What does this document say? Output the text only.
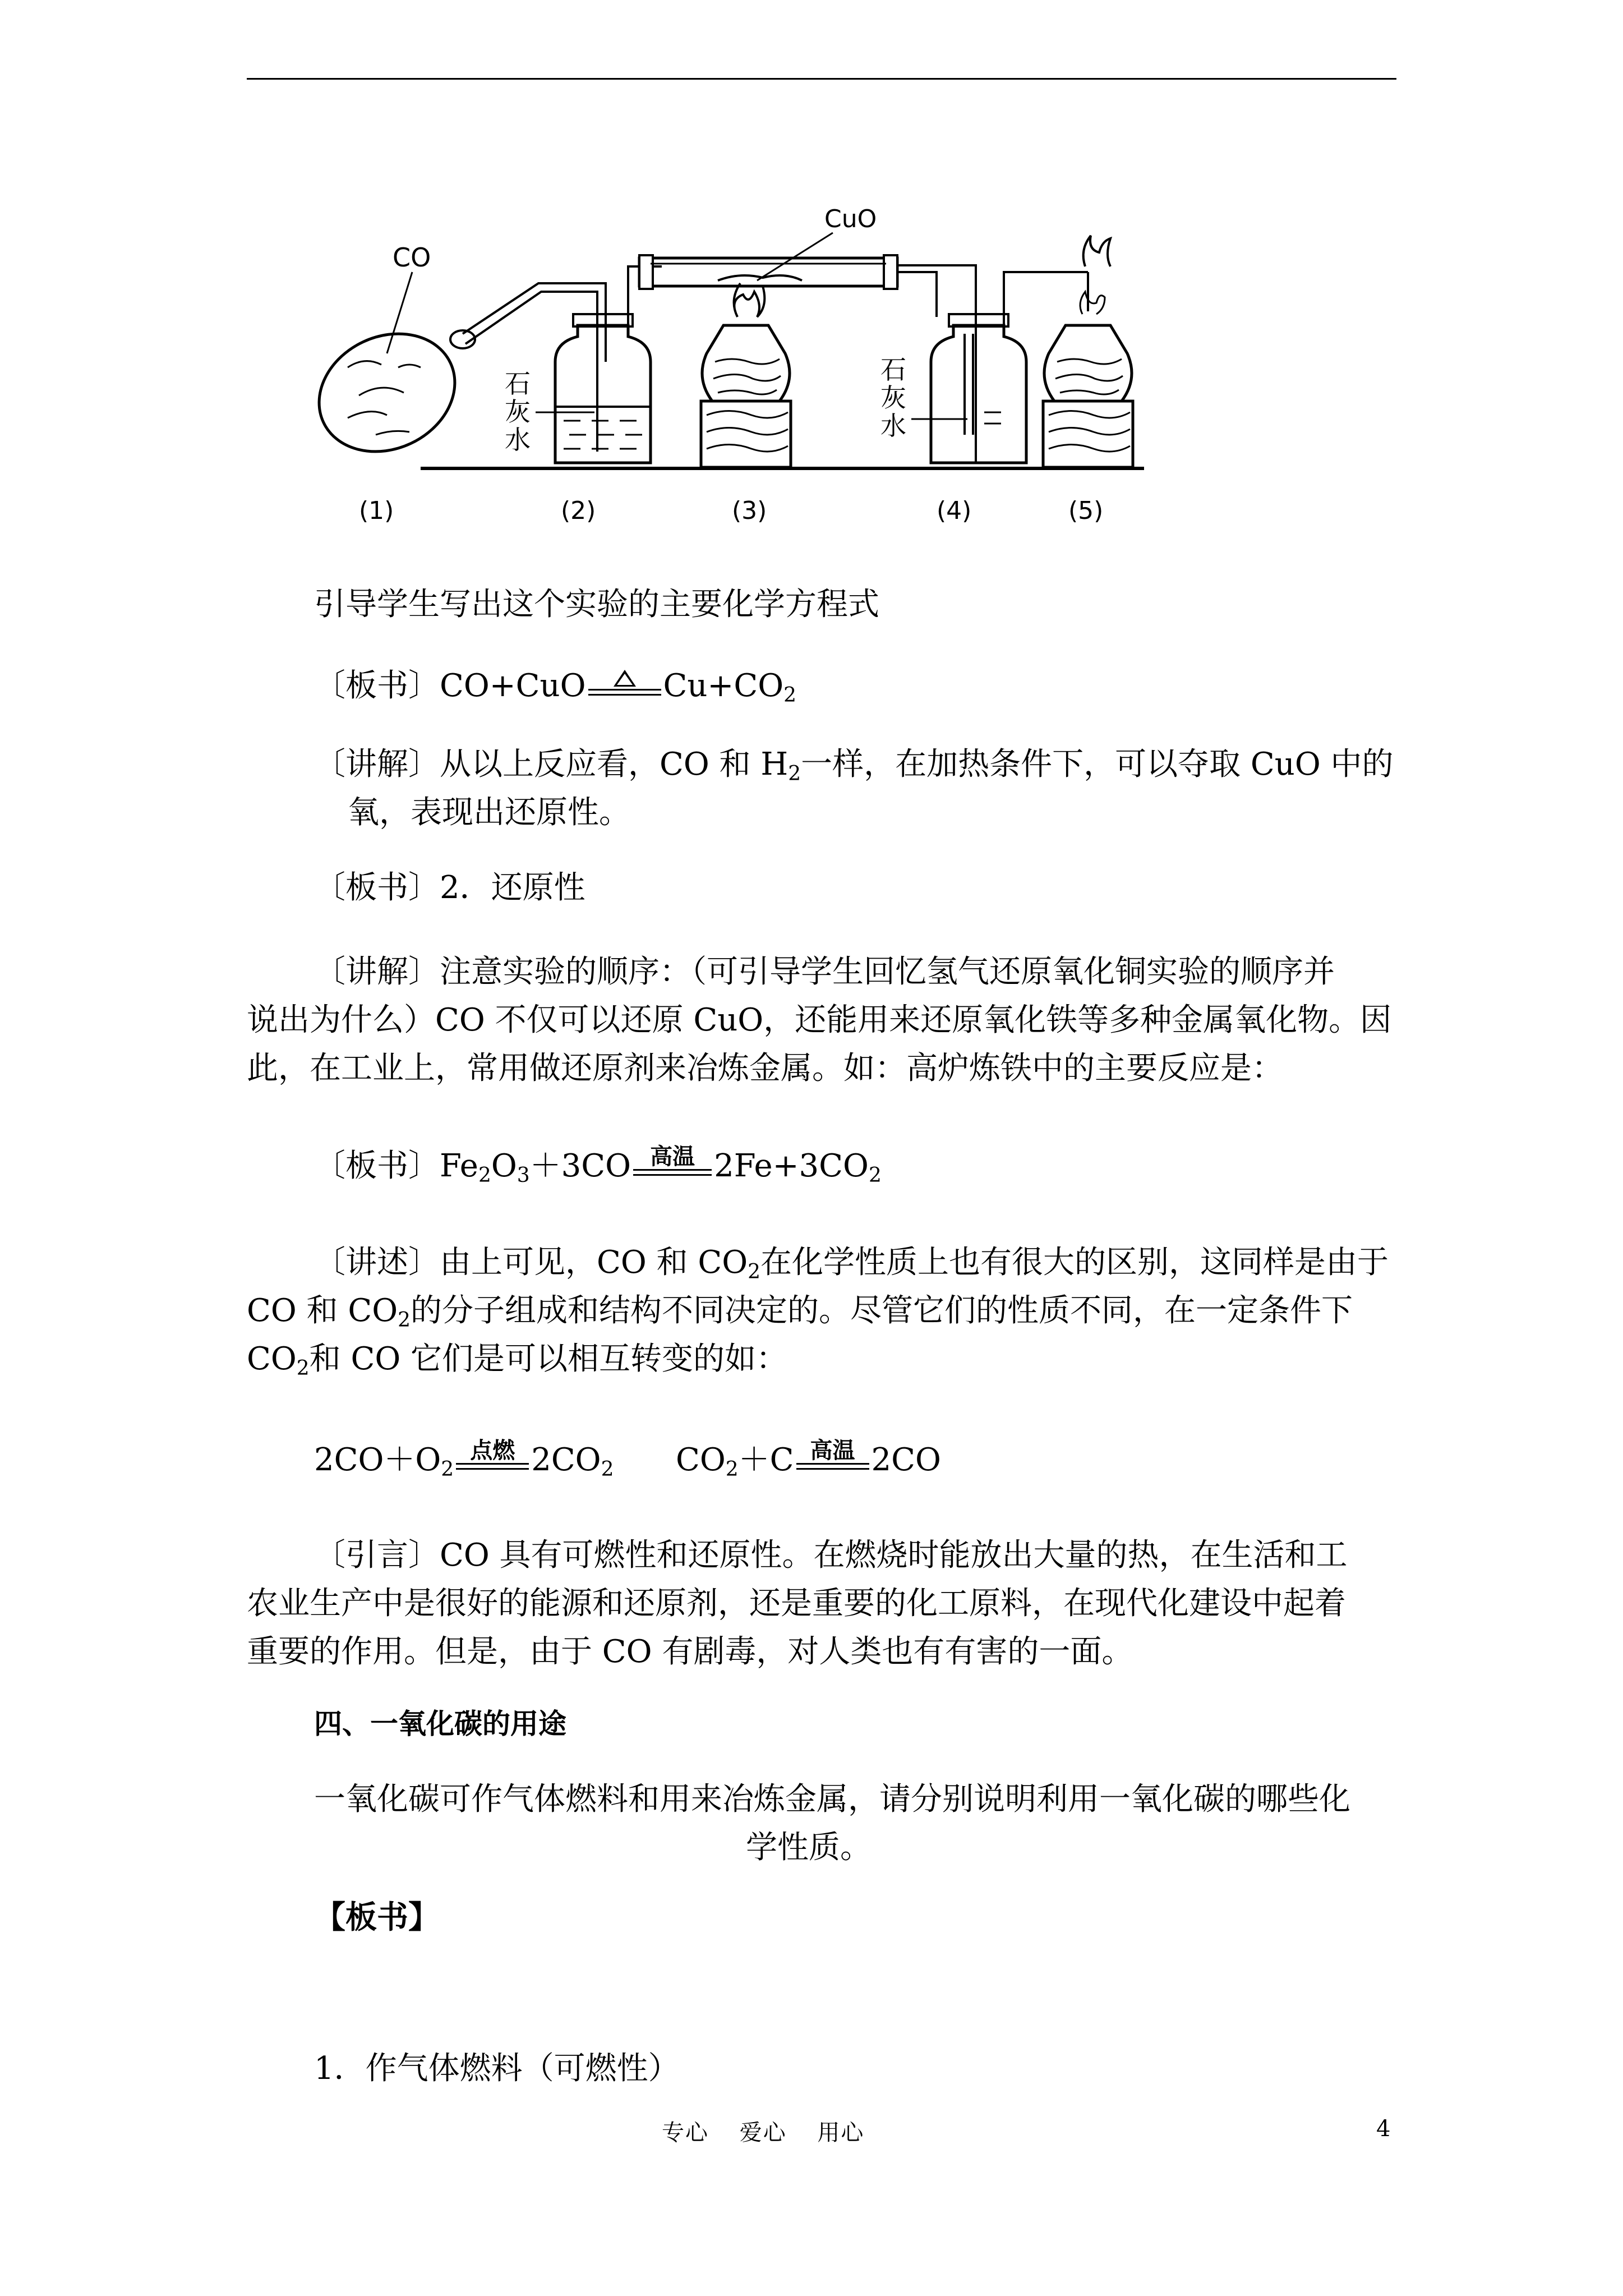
CO
石
灰
水
CuO
石
灰
水
(1)	(2)	(3)	(4)	(5)
引导学生写出这个实验的主要化学方程式
〔板书〕CO+CuO $Cu+CO_2$
〔讲解〕从以上反应看，CO 和 $H_2$一样，在加热条件下，可以夺取 CuO 中的
氧，表现出还原性。
〔板书〕2．还原性
〔讲解〕注意实验的顺序：（可引导学生回忆氢气还原氧化铜实验的顺序并
说出为什么）CO 不仅可以还原 CuO，还能用来还原氧化铁等多种金属氧化物。因
此，在工业上，常用做还原剂来冶炼金属。如：高炉炼铁中的主要反应是：
〔板书〕$Fe_2O_3+3CO$ 高温 $2Fe+3CO_2$
〔讲述〕由上可见，CO 和 $CO_2$在化学性质上也有很大的区别，这同样是由于
CO 和 $CO_2$的分子组成和结构不同决定的。尽管它们的性质不同，在一定条件下
$CO_2$和 CO 它们是可以相互转变的如：
$2CO+O_2$
点燃 $2CO_2$ $CO_2+C$ 高温 2CO
〔引言〕CO 具有可燃性和还原性。在燃烧时能放出大量的热，在生活和工
农业生产中是很好的能源和还原剂，还是重要的化工原料，在现代化建设中起着
重要的作用。但是，由于 CO 有剧毒，对人类也有有害的一面。
四、一氧化碳的用途
一氧化碳可作气体燃料和用来冶炼金属，请分别说明利用一氧化碳的哪些化
学性质。
【板书】
1．作气体燃料（可燃性）
专心 爱心 用心	4
